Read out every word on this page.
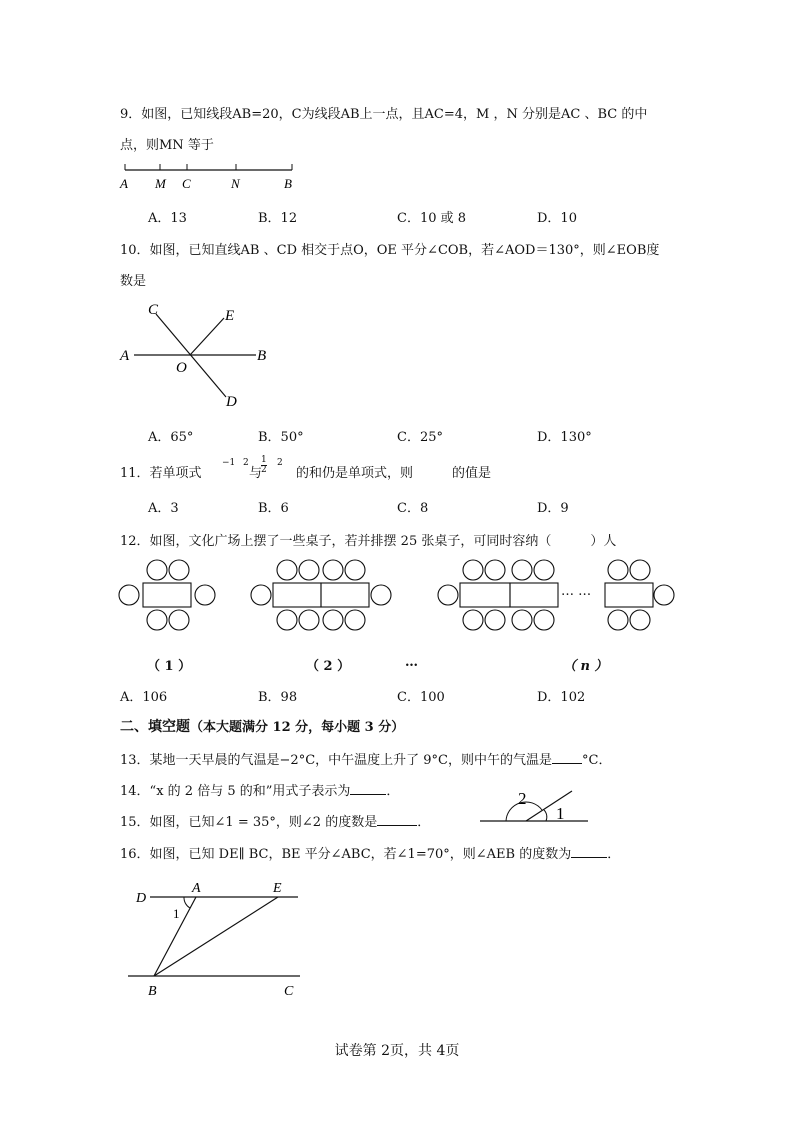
9．如图，已知线段AB=20，C为线段AB上一点，且AC=4，M ，N 分别是AC 、BC 的中
点，则MN 等于
A M C	N	B
A．13	B．12	C．10 或 8	D．10
10．如图，已知直线AB 、CD 相交于点O，OE 平分∠COB，若∠AOD＝130°，则∠EOB度
数是
A	B
C
D
E
O
A．65°	B．50°	C．25°	D．130°
11．若单项式
−1 2
与
$\frac{1}{2} 2$
的和仍是单项式，则	的值是
A．3	B．6	C．8	D．9
12．如图，文化广场上摆了一些桌子，若并排摆 25 张桌子，可同时容纳（　　　）人
… …
（ 1 ）	（ 2 ）	…	（ n ）
A．106	B．98	C．100	D．102
二、填空题（本大题满分 12 分，每小题 3 分）
13．某地一天早晨的气温是−2°C，中午温度上升了 9°C，则中午的气温是 °C．
14．“x 的 2 倍与 5 的和”用式子表示为	．
15．如图，已知∠1 = 35°，则∠2 的度数是	．
2
1
16．如图，已知 DE∥ BC，BE 平分∠ABC，若∠1=70°，则∠AEB 的度数为	．
D
A	E
B	C
1
试卷第 2页，共 4页
